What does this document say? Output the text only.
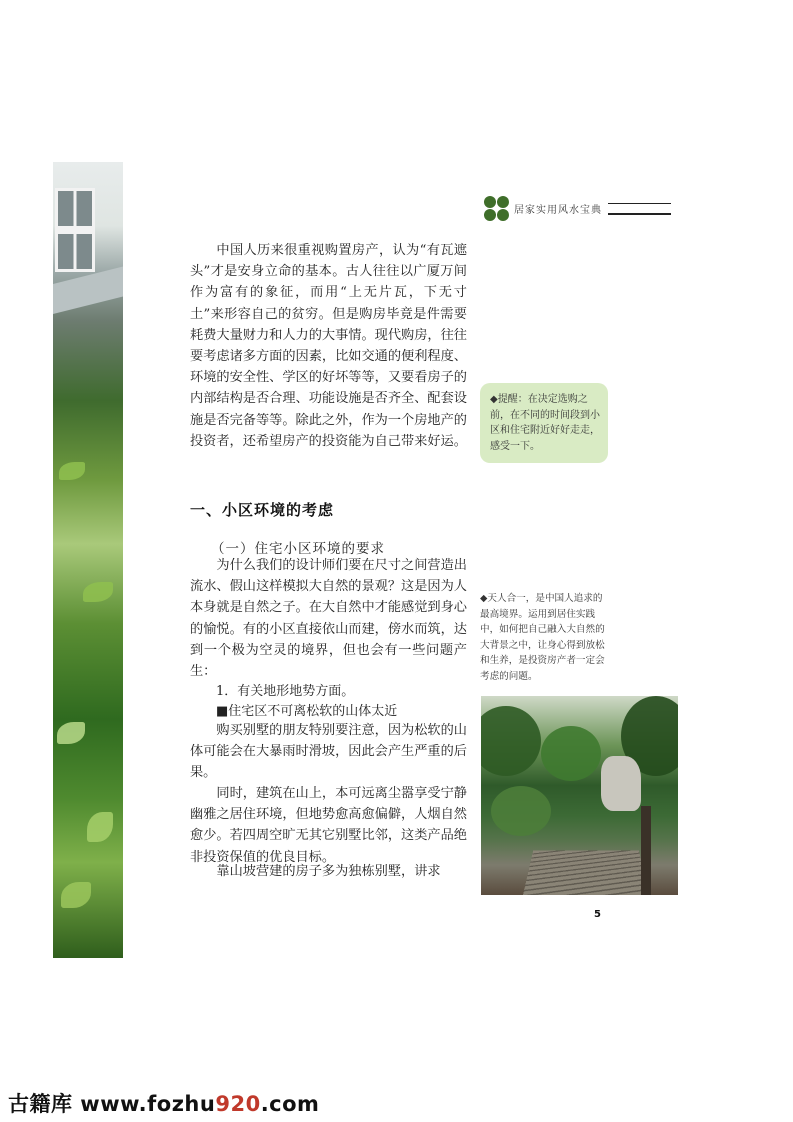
居家实用风水宝典

中国人历来很重视购置房产，认为“有瓦遮头”才是安身立命的基本。古人往往以广厦万间作为富有的象征，而用“上无片瓦，下无寸土”来形容自己的贫穷。但是购房毕竟是件需要耗费大量财力和人力的大事情。现代购房，往往要考虑诸多方面的因素，比如交通的便利程度、环境的安全性、学区的好坏等等，又要看房子的内部结构是否合理、功能设施是否齐全、配套设施是否完备等等。除此之外，作为一个房地产的投资者，还希望房产的投资能为自己带来好运。

◆提醒：在决定选购之前，在不同的时间段到小区和住宅附近好好走走，感受一下。
一、小区环境的考虑
（一）住宅小区环境的要求

为什么我们的设计师们要在尺寸之间营造出流水、假山这样模拟大自然的景观？这是因为人本身就是自然之子。在大自然中才能感觉到身心的愉悦。有的小区直接依山而建，傍水而筑，达到一个极为空灵的境界，但也会有一些问题产生：

1．有关地形地势方面。
■住宅区不可离松软的山体太近

购买别墅的朋友特别要注意，因为松软的山体可能会在大暴雨时滑坡，因此会产生严重的后果。

同时，建筑在山上，本可远离尘嚣享受宁静幽雅之居住环境，但地势愈高愈偏僻，人烟自然愈少。若四周空旷无其它别墅比邻，这类产品绝非投资保值的优良目标。

靠山坡营建的房子多为独栋别墅，讲求

◆天人合一，是中国人追求的最高境界。运用到居住实践中，如何把自己融入大自然的大背景之中，让身心得到放松和生养，是投资房产者一定会考虑的问题。

5
古籍库 www.fozhu920.com
